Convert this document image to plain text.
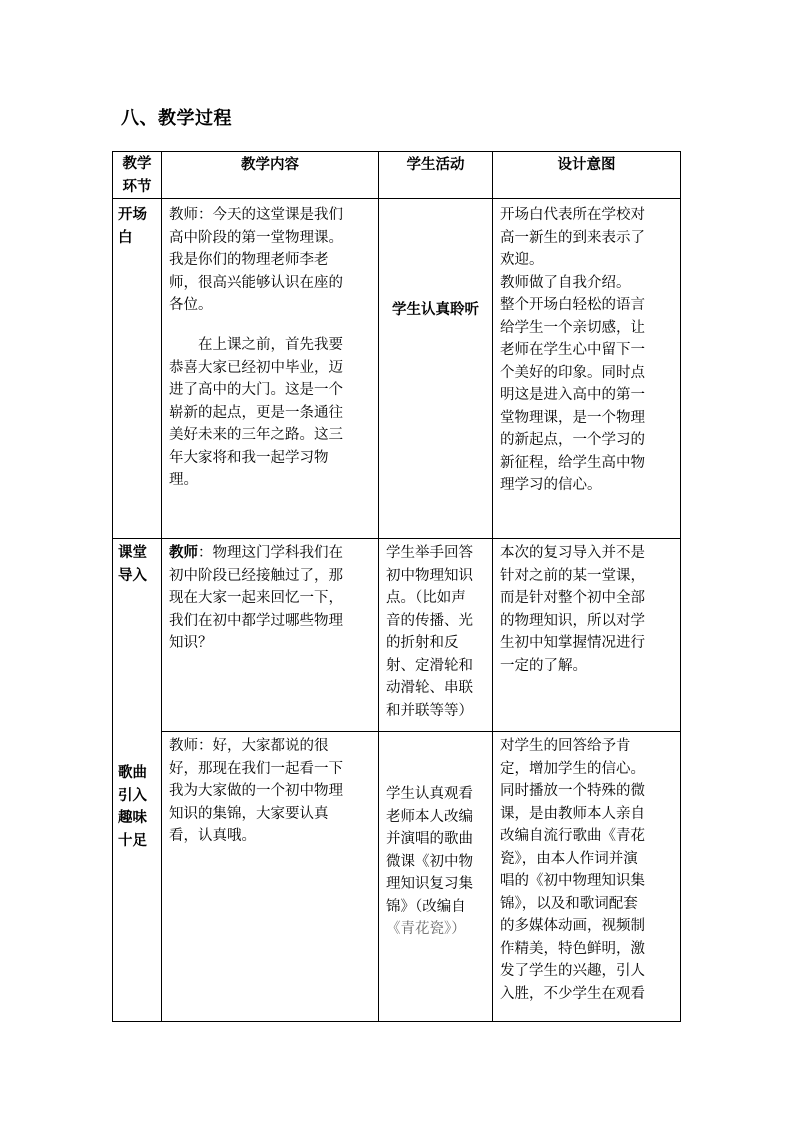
八、教学过程
教学
环节
教学内容	学生活动	设计意图
开场
白
教师：今天的这堂课是我们
高中阶段的第一堂物理课。
我是你们的物理老师李老
师，很高兴能够认识在座的
各位。
　　在上课之前，首先我要
恭喜大家已经初中毕业，迈
进了高中的大门。这是一个
崭新的起点，更是一条通往
美好未来的三年之路。这三
年大家将和我一起学习物
理。
学生认真聆听
开场白代表所在学校对
高一新生的到来表示了
欢迎。
教师做了自我介绍。
整个开场白轻松的语言
给学生一个亲切感，让
老师在学生心中留下一
个美好的印象。同时点
明这是进入高中的第一
堂物理课，是一个物理
的新起点，一个学习的
新征程，给学生高中物
理学习的信心。
课堂
导入
教师：物理这门学科我们在
初中阶段已经接触过了，那
现在大家一起来回忆一下，
我们在初中都学过哪些物理
知识？
学生举手回答
初中物理知识
点。（比如声
音的传播、光
的折射和反
射、定滑轮和
动滑轮、串联
和并联等等）
本次的复习导入并不是
针对之前的某一堂课，
而是针对整个初中全部
的物理知识，所以对学
生初中知掌握情况进行
一定的了解。
歌曲
引入
趣味
十足
教师：好，大家都说的很
好，那现在我们一起看一下
我为大家做的一个初中物理
知识的集锦，大家要认真
看，认真哦。
学生认真观看
老师本人改编
并演唱的歌曲
微课《初中物
理知识复习集
锦》（改编自
《青花瓷》）
对学生的回答给予肯
定，增加学生的信心。
同时播放一个特殊的微
课，是由教师本人亲自
改编自流行歌曲《青花
瓷》，由本人作词并演
唱的《初中物理知识集
锦》，以及和歌词配套
的多媒体动画，视频制
作精美，特色鲜明，激
发了学生的兴趣，引人
入胜，不少学生在观看
